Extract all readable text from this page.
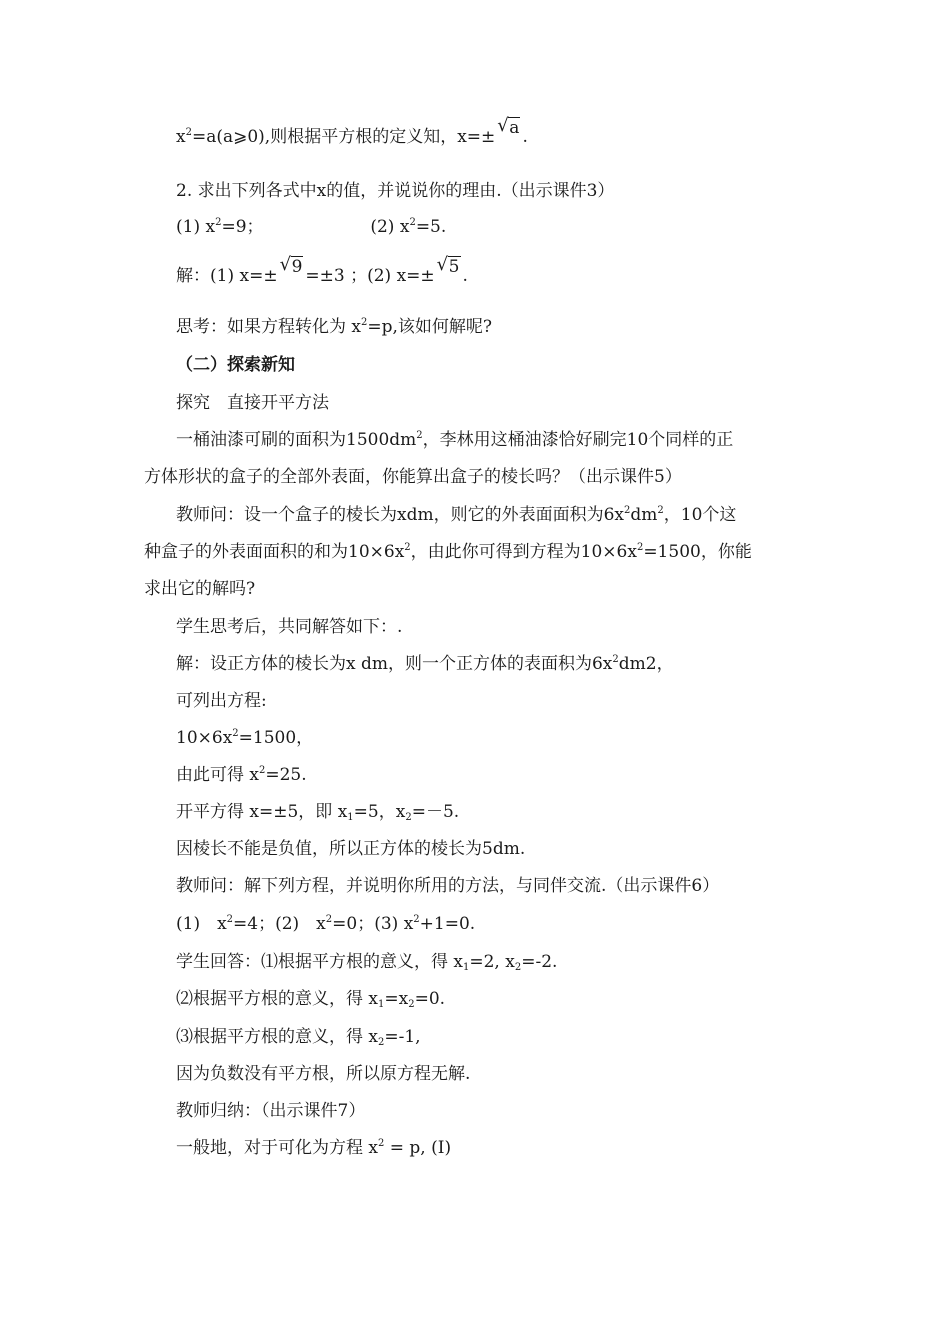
$x^2=a(a⩾0)$,则根据平方根的定义知，x=±
√ a .
2. 求出下列各式中x的值，并说说你的理由.（出示课件3）
(1) $x^2=9$；	(2) $x^2=5$.
解：(1) x=±
√ 9 =±3 ；(2) x=±
√ 5 .
思考：如果方程转化为 $x^2=p$,该如何解呢?
（二）探索新知
探究　直接开平方法
一桶油漆可刷的面积为$1500dm^2$，李林用这桶油漆恰好刷完10个同样的正
方体形状的盒子的全部外表面，你能算出盒子的棱长吗？（出示课件5）
教师问：设一个盒子的棱长为xdm，则它的外表面面积为$6x^2dm^2$，10个这
种盒子的外表面面积的和为$10\times 6x^2$，由此你可得到方程为$10\times 6x^2=1500$，你能
求出它的解吗?
学生思考后，共同解答如下：.
解：设正方体的棱长为x dm，则一个正方体的表面积为$6x^2dm2$，
可列出方程:
$10\times 6x^2=1500$，
由此可得 $x^2=25$.
开平方得 x=±5，即 $x_1=5$，$x_2=-5$.
因棱长不能是负值，所以正方体的棱长为5dm.
教师问：解下列方程，并说明你所用的方法，与同伴交流.（出示课件6）
(1)　$x^2=4$；(2)　$x^2=0$；(3) $x^2+1=0$.
学生回答：⑴根据平方根的意义，得 $x_1=2$, $x_2=-2$.
⑵根据平方根的意义，得 $x_1=x_2=0$.
⑶根据平方根的意义，得 $x_2=-1$,
因为负数没有平方根，所以原方程无解.
教师归纳：（出示课件7）
一般地，对于可化为方程 $x^2 = p$, (Ⅰ)
